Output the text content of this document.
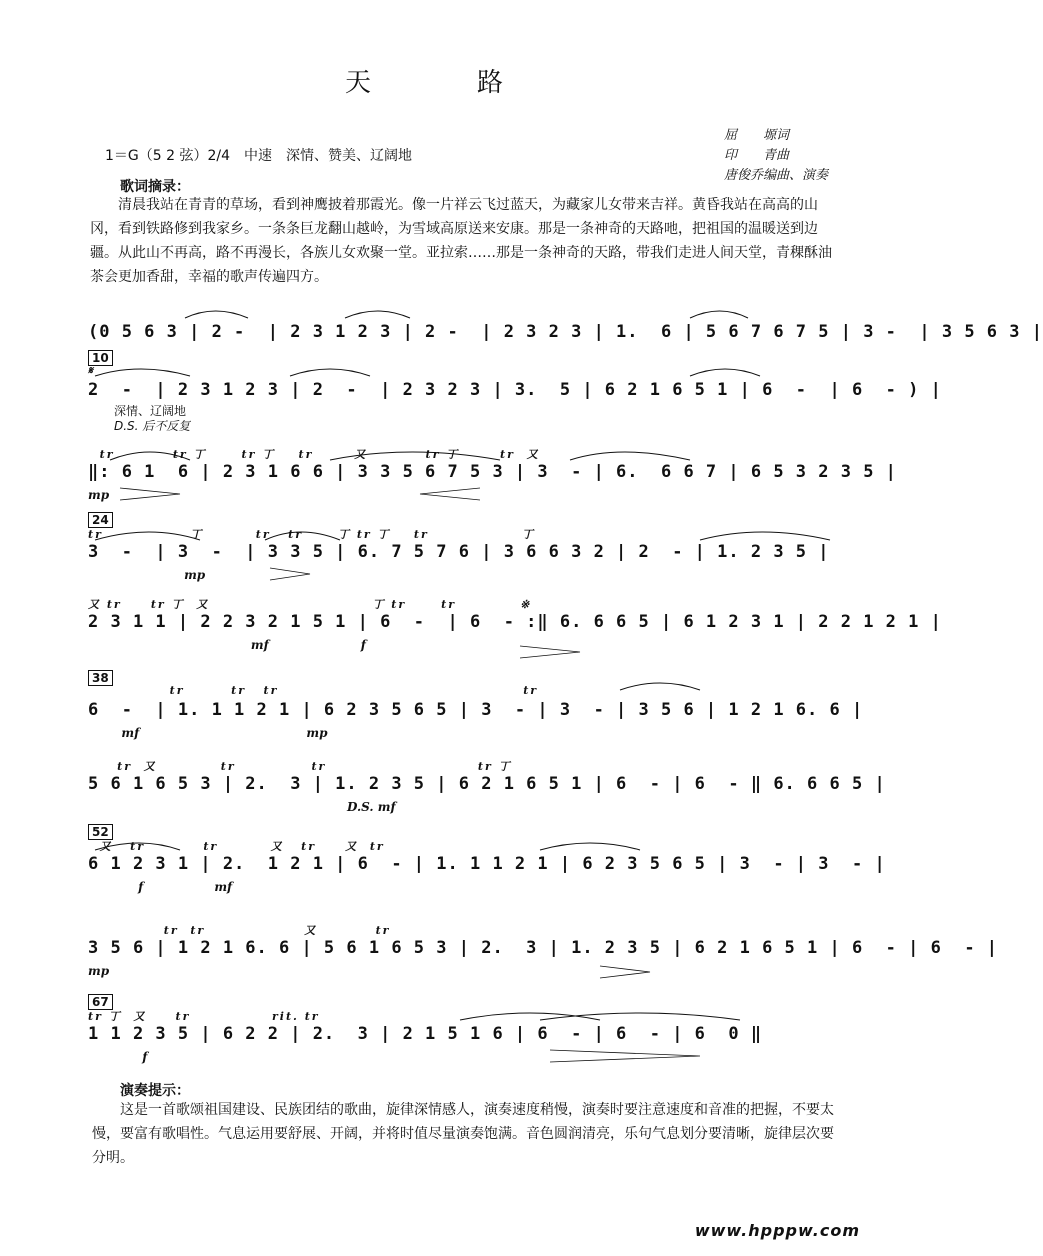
天　路
屈　　塬词
印　　青曲
唐俊乔编曲、演奏
1＝G（5 2 弦）2/4　中速　深情、赞美、辽阔地
歌词摘录：
清晨我站在青青的草场，看到神鹰披着那霞光。像一片祥云飞过蓝天，为藏家儿女带来吉祥。黄昏我站在高高的山冈，看到铁路修到我家乡。一条条巨龙翻山越岭，为雪域高原送来安康。那是一条神奇的天路吔，把祖国的温暖送到边疆。从此山不再高，路不再漫长，各族儿女欢聚一堂。亚拉索……那是一条神奇的天路，带我们走进人间天堂，青稞酥油茶会更加香甜，幸福的歌声传遍四方。
(0 5 6 3 | 2 -  | 2 3 1 2 3 | 2 -  | 2 3 2 3 | 1.  6 | 5 6 7 6 7 5 | 3 -  | 3 5 6 3 |
10
𝄋
2  -  | 2 3 1 2 3 | 2  -  | 2 3 2 3 | 3.  5 | 6 2 1 6 5 1 | 6  -  | 6  - ) |
深情、辽阔地
D.S. 后不反复
tr          tr 丁      tr 丁    tr       又          tr 丁       tr  又
‖: 6 1  6 | 2 3 1 6 6 | 3 3 5 6 7 5 3 | 3  - | 6.  6 6 7 | 6 5 3 2 3 5 |
mp
24
tr               丁         tr   tr      丁 tr 丁    tr                丁
3  -  | 3  -  | 3 3 5 | 6. 7 5 7 6 | 3 6 6 3 2 | 2  - | 1. 2 3 5 |
mp
又 tr     tr 丁  又                            丁 tr      tr           ※
2 3 1 1 | 2 2 3 2 1 5 1 | 6  -  | 6  - :‖ 6. 6 6 5 | 6 1 2 3 1 | 2 2 1 2 1 |
mf                      f
38
tr        tr   tr                                          tr
6  -  | 1. 1 1 2 1 | 6 2 3 5 6 5 | 3  - | 3  - | 3 5 6 | 1 2 1 6. 6 |
mf                                        mp
tr  又           tr             tr                          tr 丁
5 6 1 6 5 3 | 2.  3 | 1. 2 3 5 | 6 2 1 6 5 1 | 6  - | 6  - ‖ 6. 6 6 5 |
D.S. mf
52
又   tr          tr         又   tr     又  tr
6 1 2 3 1 | 2.  1 2 1 | 6  - | 1. 1 1 2 1 | 6 2 3 5 6 5 | 3  - | 3  - |
f                 mf
tr  tr                 又          tr
3 5 6 | 1 2 1 6. 6 | 5 6 1 6 5 3 | 2.  3 | 1. 2 3 5 | 6 2 1 6 5 1 | 6  - | 6  - |
mp
67
tr 丁  又     tr              rit. tr
1 1 2 3 5 | 6 2 2 | 2.  3 | 2 1 5 1 6 | 6  - | 6  - | 6  0 ‖
f
演奏提示：
这是一首歌颂祖国建设、民族团结的歌曲，旋律深情感人，演奏速度稍慢，演奏时要注意速度和音准的把握，不要太慢，要富有歌唱性。气息运用要舒展、开阔，并将时值尽量演奏饱满。音色圆润清亮，乐句气息划分要清晰，旋律层次要分明。
www.hpppw.com
